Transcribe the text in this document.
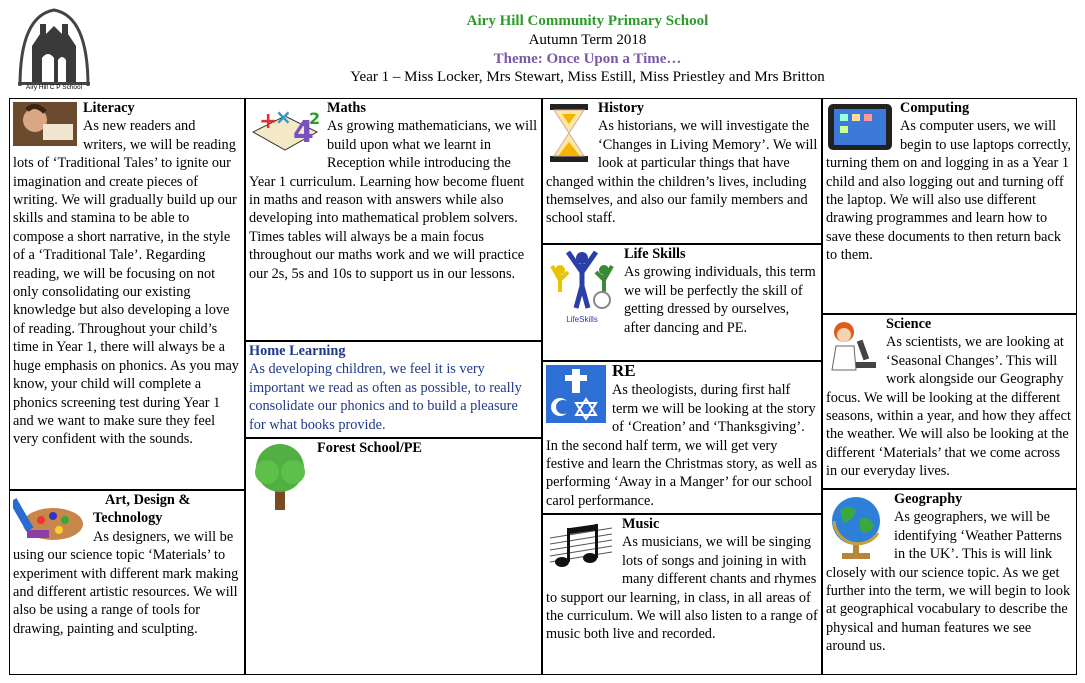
Airy Hill C P School
Airy Hill Community Primary School
Autumn Term 2018
Theme: Once Upon a Time…
Year 1 – Miss Locker, Mrs Stewart, Miss Estill, Miss Priestley and Mrs Britton
Literacy

As new readers and writers, we will be reading lots of ‘Traditional Tales’ to ignite our imagination and create pieces of writing. We will gradually build up our skills and stamina to be able to compose a short narrative, in the style of a ‘Traditional Tale’. Regarding reading, we will be focusing on not only consolidating our existing knowledge but also developing a love of reading. Throughout your child’s time in Year 1, there will always be a huge emphasis on phonics. As you may know, your child will complete a phonics screening test during Year 1 and we want to make sure they feel very confident with the sounds.

Art, Design & Technology

As designers, we will be using our science topic ‘Materials’ to experiment with different mark making and different artistic resources. We will also be using a range of tools for drawing, painting and sculpting.

+
× 4
2
Maths

As growing mathematicians, we will build upon what we learnt in Reception while introducing the Year 1 curriculum. Learning how become fluent in maths and reason with answers while also developing into mathematical problem solvers. Times tables will always be a main focus throughout our maths work and we will practice our 2s, 5s and 10s to support us in our lessons.

Home Learning

As developing children, we feel it is very important we read as often as possible, to really consolidate our phonics and to build a pleasure for what books provide.

Forest School/PE
History

As historians, we will investigate the ‘Changes in Living Memory’. We will look at particular things that have changed within the children’s lives, including themselves, and also our family members and school staff.

LifeSkills
Life Skills

As growing individuals, this term we will be perfectly the skill of getting dressed by ourselves, after dancing and PE.

RE

As theologists, during first half term we will be looking at the story of ‘Creation’ and ‘Thanksgiving’. In the second half term, we will get very festive and learn the Christmas story, as well as performing ‘Away in a Manger’ for our school carol performance.

Music

As musicians, we will be singing lots of songs and joining in with many different chants and rhymes to support our learning, in class, in all areas of the curriculum. We will also listen to a range of music both live and recorded.

Computing

As computer users, we will begin to use laptops correctly, turning them on and logging in as a Year 1 child and also logging out and turning off the laptop. We will also use different drawing programmes and learn how to save these documents to then return back to them.

Science

As scientists, we are looking at ‘Seasonal Changes’. This will work alongside our Geography focus. We will be looking at the different seasons, within a year, and how they affect the weather. We will also be looking at the different ‘Materials’ that we come across in our everyday lives.

Geography

As geographers, we will be identifying ‘Weather Patterns in the UK’. This is will link closely with our science topic. As we get further into the term, we will begin to look at geographical vocabulary to describe the physical and human features we see around us.
